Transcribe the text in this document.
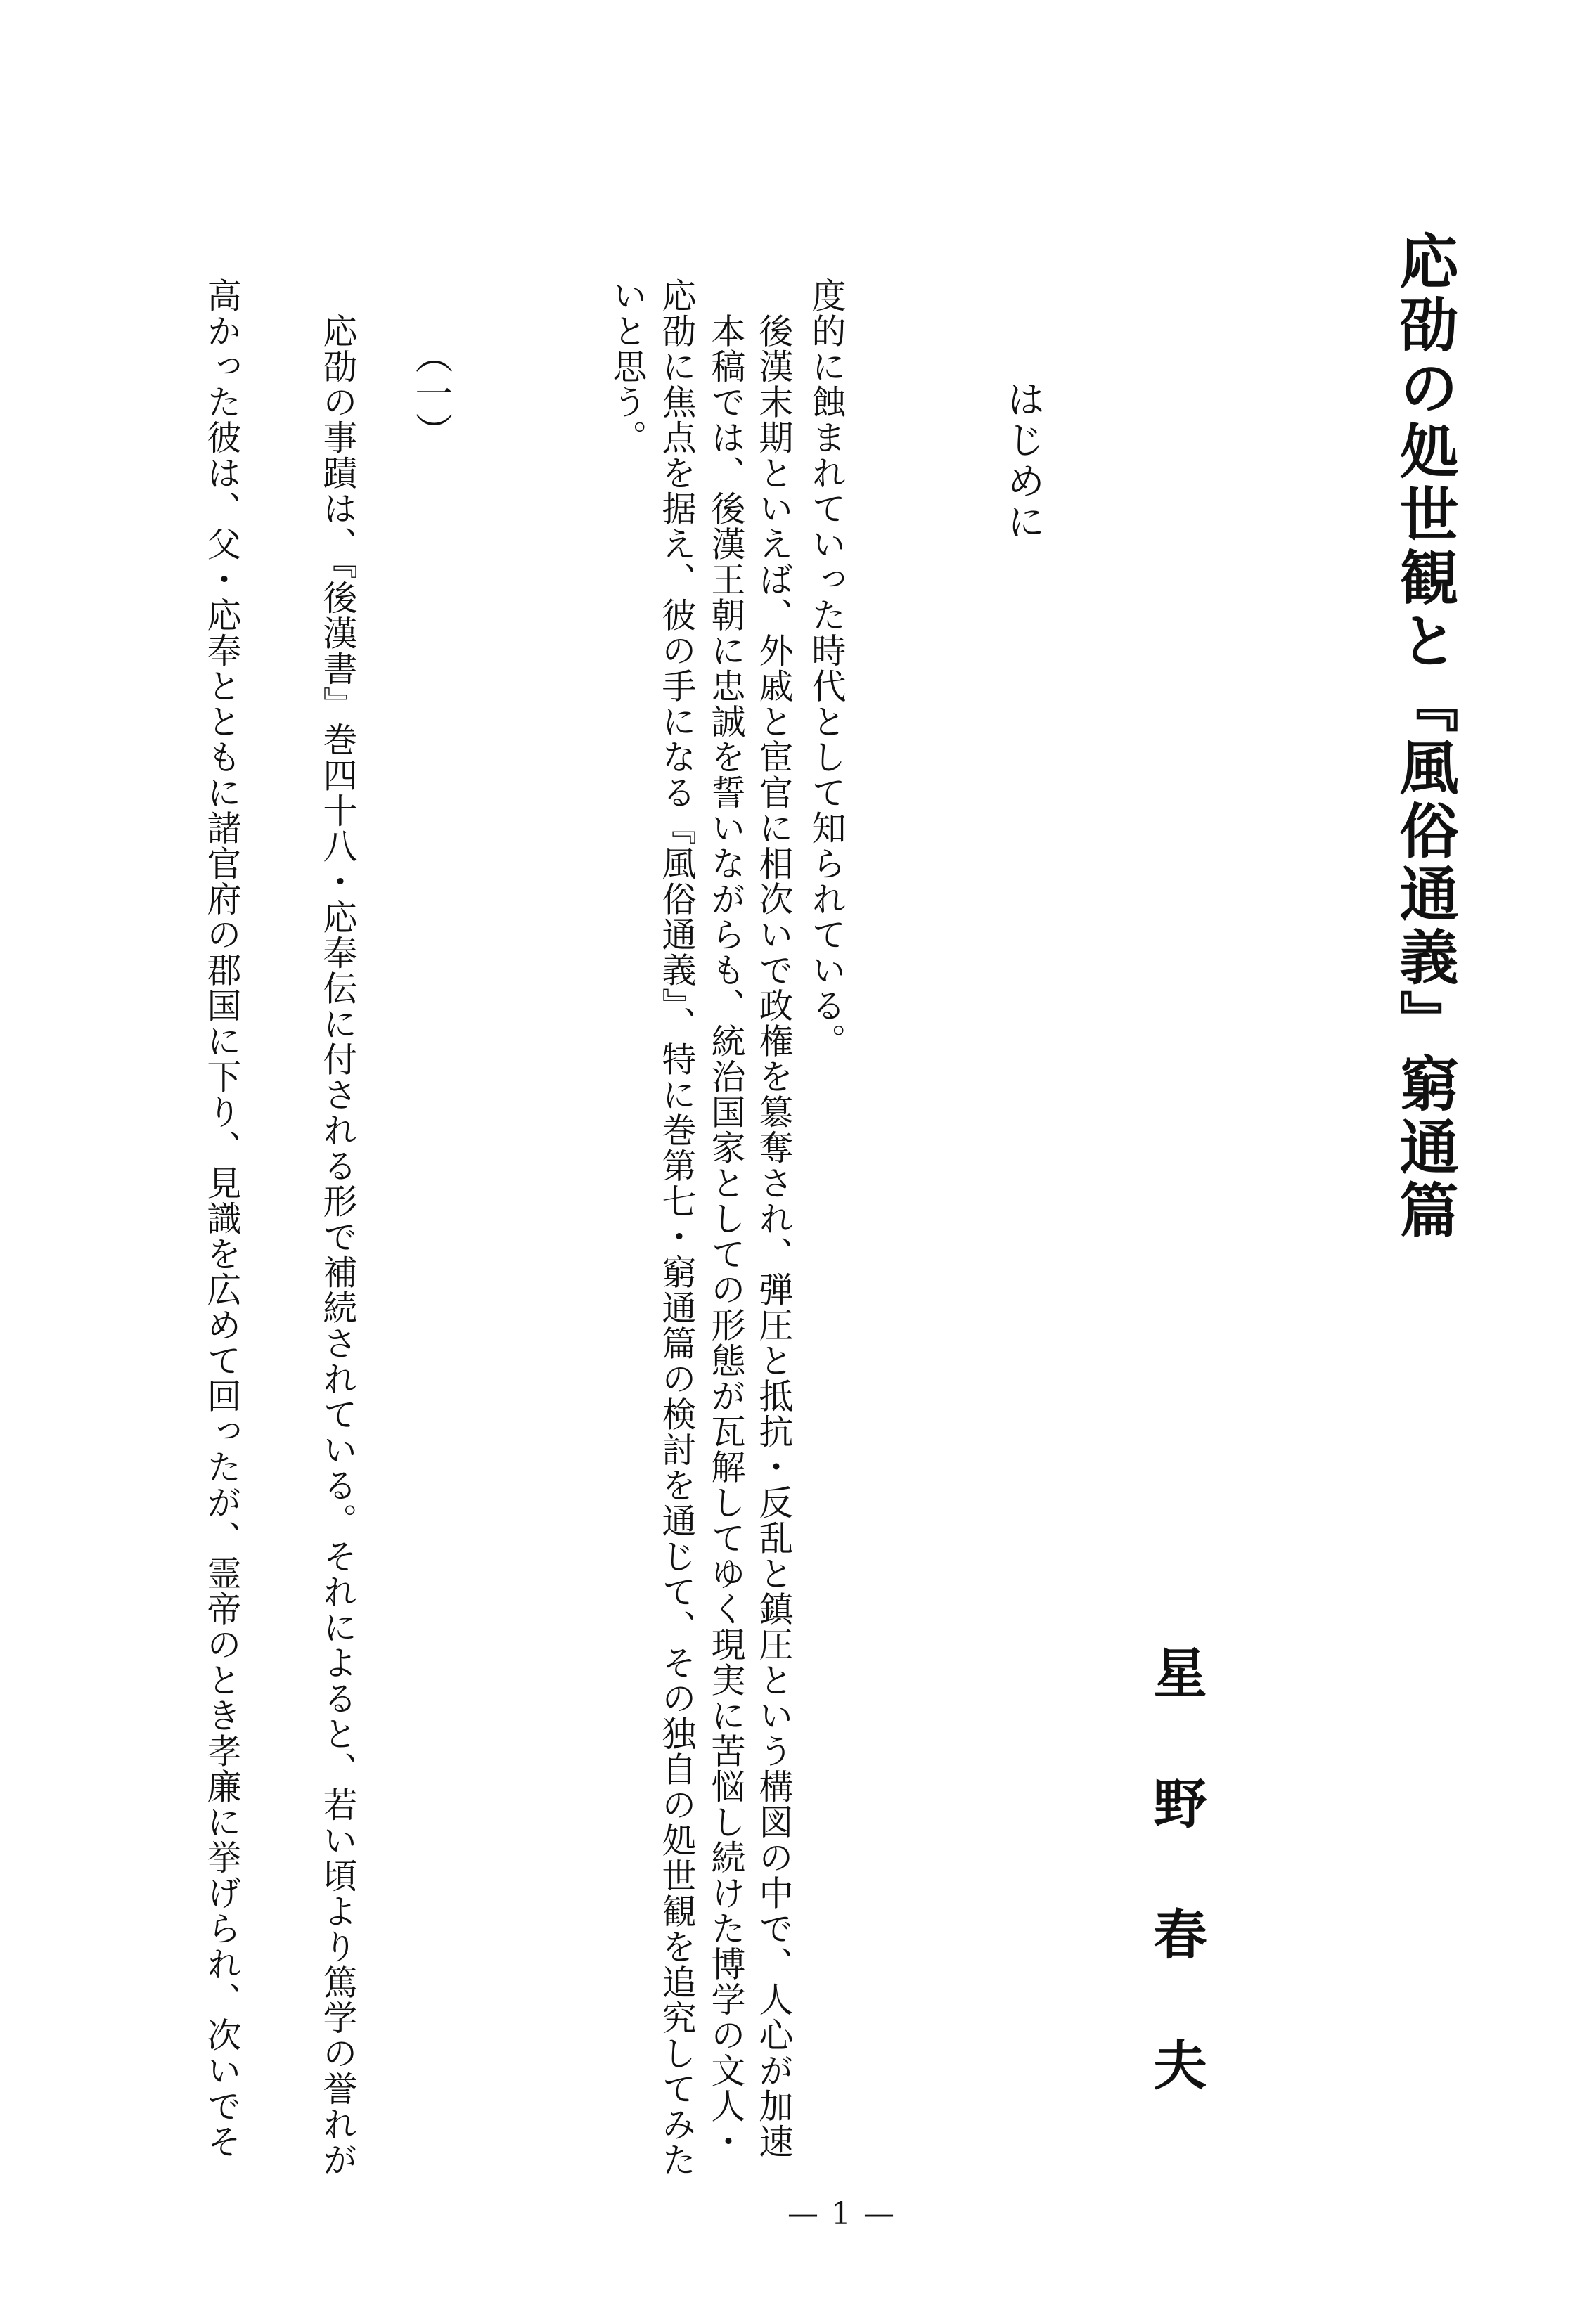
応劭の処世観と『風俗通義』窮通篇
星野春夫
はじめに
　後漢末期といえば、外戚と宦官に相次いで政権を簒奪され、弾圧と抵抗・反乱と鎮圧という構図の中で、人心が加速 度的に蝕まれていった時代として知られている。
　本稿では、後漢王朝に忠誠を誓いながらも、統治国家としての形態が瓦解してゆく現実に苦悩し続けた博学の文人・
応劭に焦点を据え、彼の手になる『風俗通義』、特に巻第七・窮通篇の検討を通じて、その独自の処世観を追究してみた
いと思う。
（一）
　応劭の事蹟は、『後漢書』巻四十八・応奉伝に付される形で補続されている。それによると、若い頃より篤学の誉れが
高かった彼は、父・応奉とともに諸官府の郡国に下り、見識を広めて回ったが、霊帝のとき孝廉に挙げられ、次いでそ
— 1 —
